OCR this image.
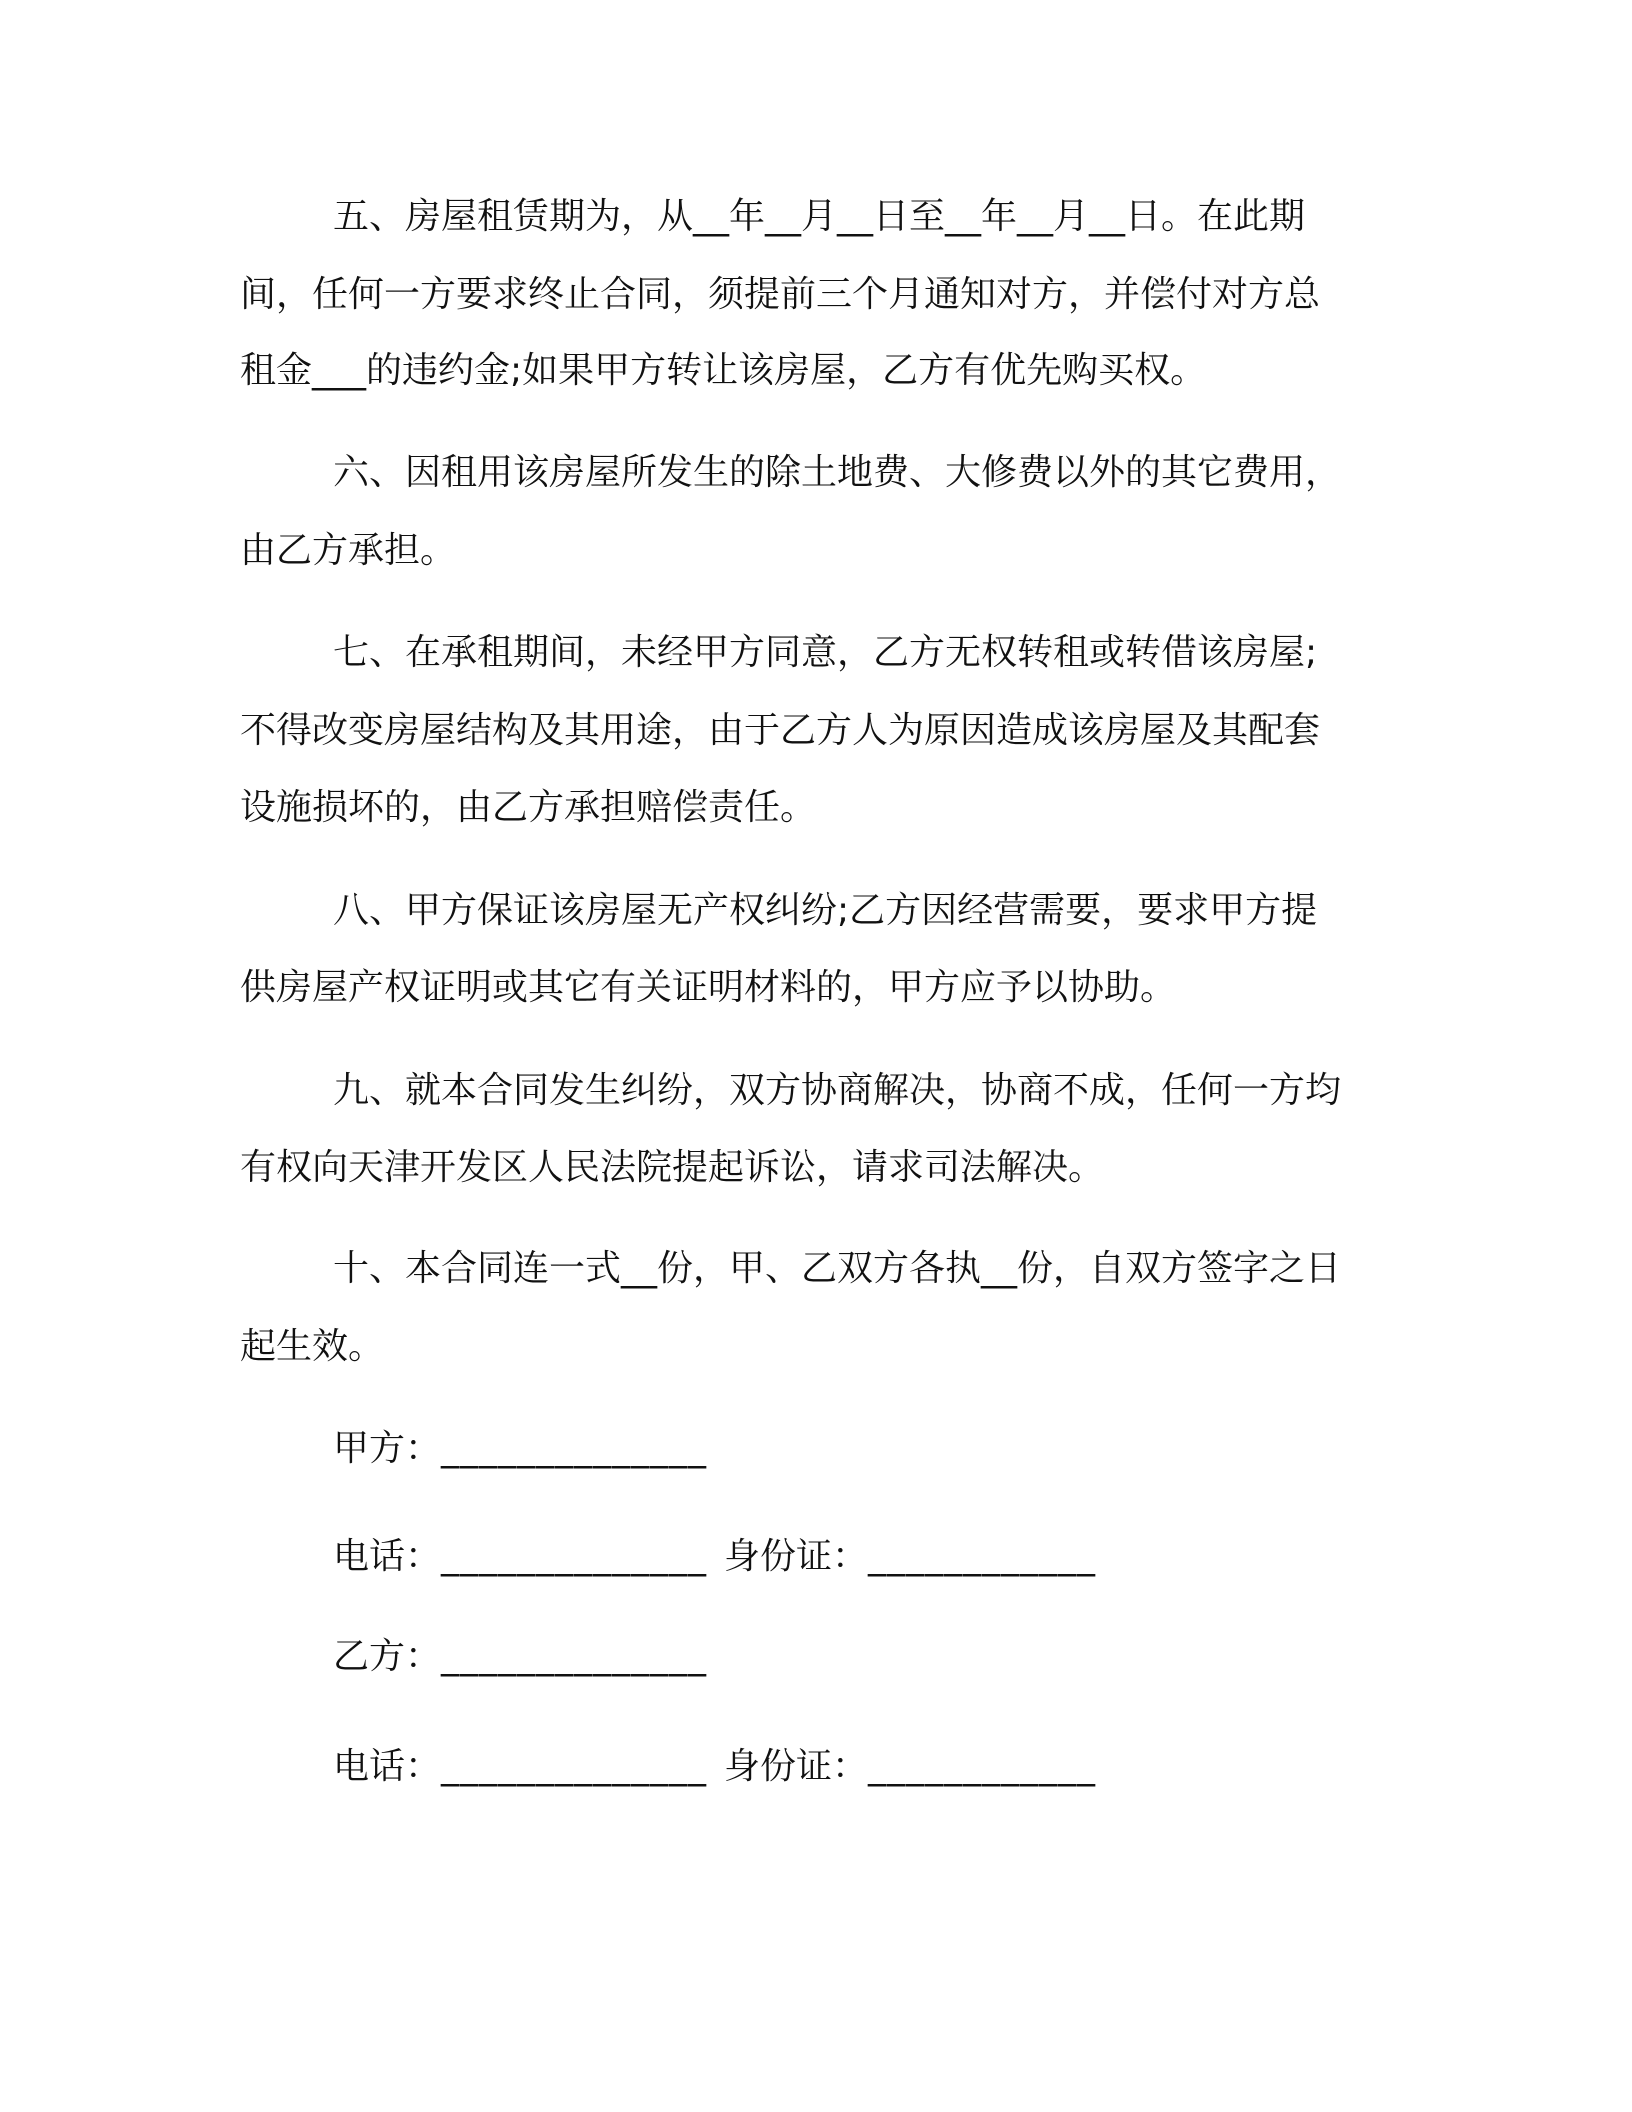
五、房屋租赁期为，从__年__月__日至__年__月__日。在此期
间，任何一方要求终止合同，须提前三个月通知对方，并偿付对方总
租金___的违约金;如果甲方转让该房屋，乙方有优先购买权。
六、因租用该房屋所发生的除土地费、大修费以外的其它费用，
由乙方承担。
七、在承租期间，未经甲方同意，乙方无权转租或转借该房屋;
不得改变房屋结构及其用途，由于乙方人为原因造成该房屋及其配套
设施损坏的，由乙方承担赔偿责任。
八、甲方保证该房屋无产权纠纷;乙方因经营需要，要求甲方提
供房屋产权证明或其它有关证明材料的，甲方应予以协助。
九、就本合同发生纠纷，双方协商解决，协商不成，任何一方均
有权向天津开发区人民法院提起诉讼，请求司法解决。
十、本合同连一式__份，甲、乙双方各执__份，自双方签字之日
起生效。
甲方：______________
电话：______________ 身份证：____________
乙方：______________
电话：______________ 身份证：____________
